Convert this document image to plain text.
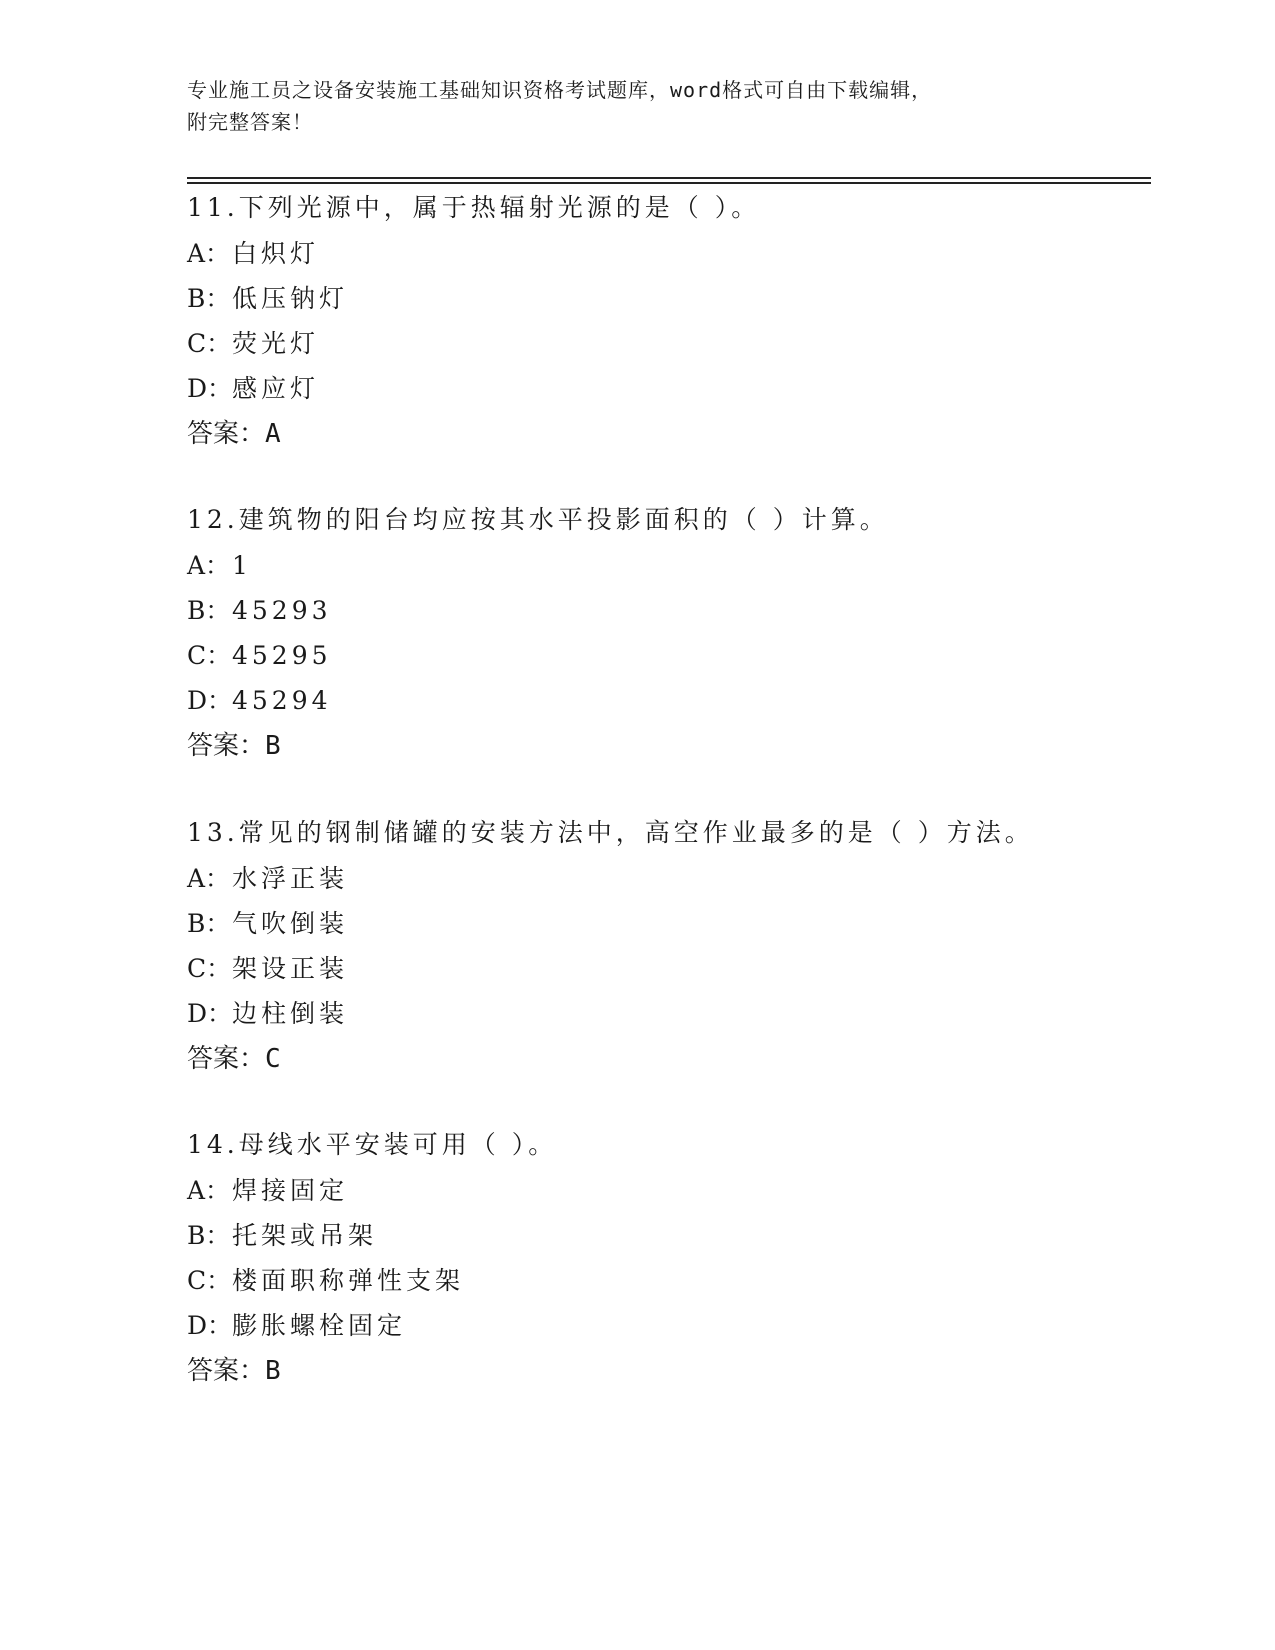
专业施工员之设备安装施工基础知识资格考试题库，word格式可自由下载编辑，
附完整答案！
11.下列光源中，属于热辐射光源的是（ ）。
A：白炽灯
B：低压钠灯
C：荧光灯
D：感应灯
答案：A
12.建筑物的阳台均应按其水平投影面积的（ ）计算。
A：1
B：45293
C：45295
D：45294
答案：B
13.常见的钢制储罐的安装方法中，高空作业最多的是（ ）方法。
A：水浮正装
B：气吹倒装
C：架设正装
D：边柱倒装
答案：C
14.母线水平安装可用（ ）。
A：焊接固定
B：托架或吊架
C：楼面职称弹性支架
D：膨胀螺栓固定
答案：B
